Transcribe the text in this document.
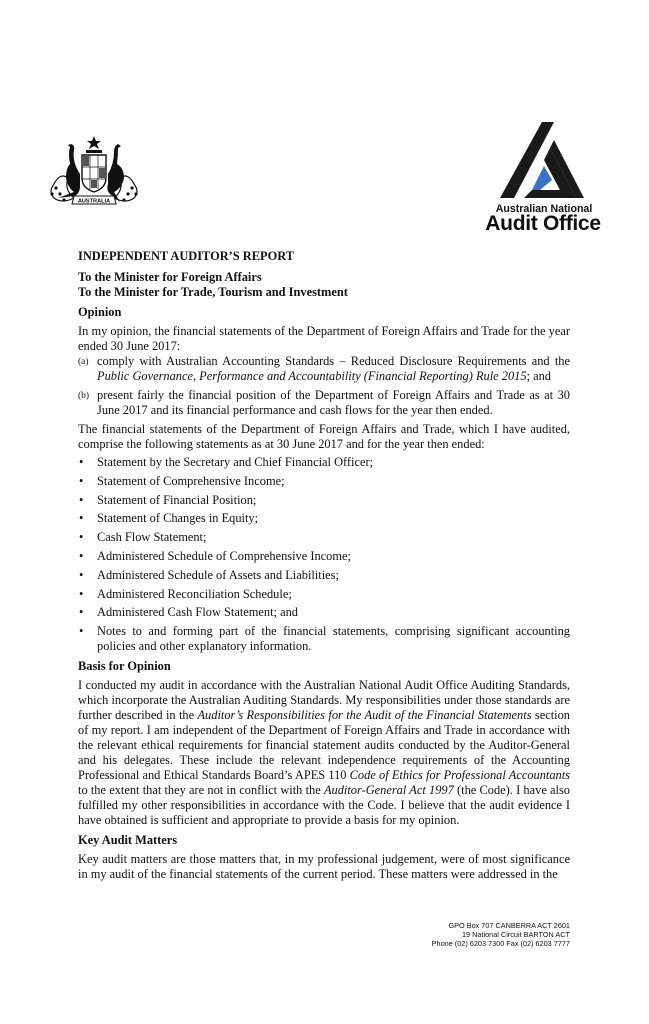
AUSTRALIA
Australian National
Audit Office

INDEPENDENT AUDITOR’S REPORT

To the Minister for Foreign Affairs

To the Minister for Trade, Tourism and Investment

Opinion

In my opinion, the financial statements of the Department of Foreign Affairs and Trade for the year ended 30 June 2017:

(a) comply with Australian Accounting Standards – Reduced Disclosure Requirements and the Public Governance, Performance and Accountability (Financial Reporting) Rule 2015; and
(b) present fairly the financial position of the Department of Foreign Affairs and Trade as at 30 June 2017 and its financial performance and cash flows for the year then ended.

The financial statements of the Department of Foreign Affairs and Trade, which I have audited, comprise the following statements as at 30 June 2017 and for the year then ended:

• Statement by the Secretary and Chief Financial Officer;
• Statement of Comprehensive Income;
• Statement of Financial Position;
• Statement of Changes in Equity;
• Cash Flow Statement;
• Administered Schedule of Comprehensive Income;
• Administered Schedule of Assets and Liabilities;
• Administered Reconciliation Schedule;
• Administered Cash Flow Statement; and
• Notes to and forming part of the financial statements, comprising significant accounting policies and other explanatory information.

Basis for Opinion

I conducted my audit in accordance with the Australian National Audit Office Auditing Standards, which incorporate the Australian Auditing Standards. My responsibilities under those standards are further described in the Auditor’s Responsibilities for the Audit of the Financial Statements section of my report. I am independent of the Department of Foreign Affairs and Trade in accordance with the relevant ethical requirements for financial statement audits conducted by the Auditor-General and his delegates. These include the relevant independence requirements of the Accounting Professional and Ethical Standards Board’s APES 110 Code of Ethics for Professional Accountants to the extent that they are not in conflict with the Auditor-General Act 1997 (the Code). I have also fulfilled my other responsibilities in accordance with the Code. I believe that the audit evidence I have obtained is sufficient and appropriate to provide a basis for my opinion.

Key Audit Matters

Key audit matters are those matters that, in my professional judgement, were of most significance in my audit of the financial statements of the current period. These matters were addressed in the

GPO Box 707 CANBERRA ACT 2601
19 National Circuit BARTON ACT
Phone (02) 6203 7300 Fax (02) 6203 7777
